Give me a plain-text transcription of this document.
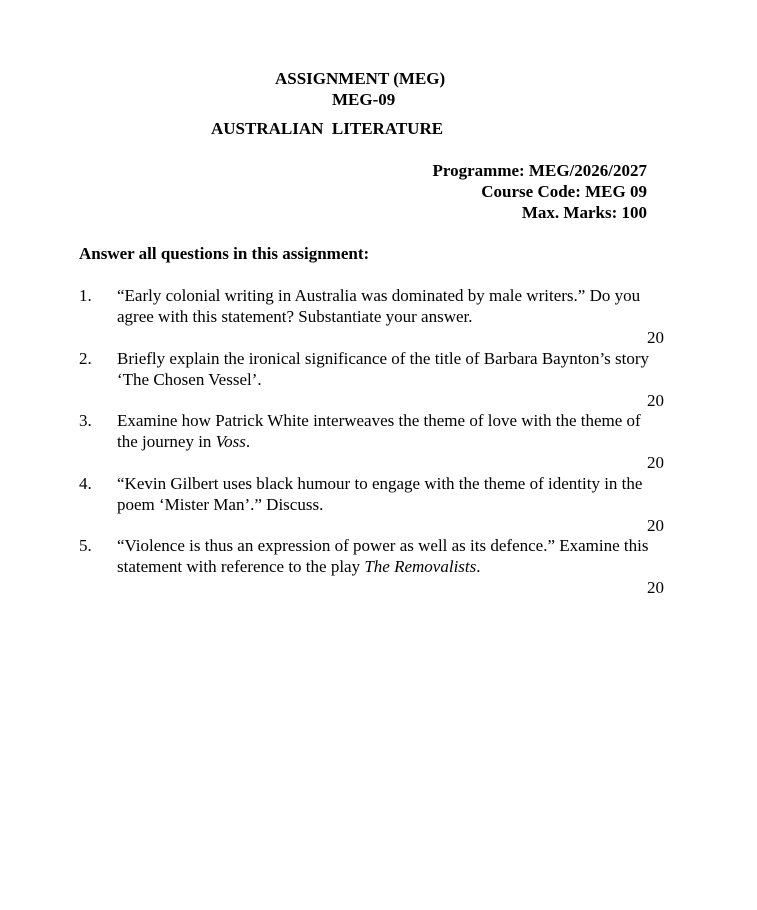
ASSIGNMENT (MEG)
MEG-09
AUSTRALIAN  LITERATURE
Programme: MEG/2026/2027
Course Code: MEG 09
Max. Marks: 100
Answer all questions in this assignment:
1. “Early colonial writing in Australia was dominated by male writers.” Do you agree with this statement? Substantiate your answer.
20
2. Briefly explain the ironical significance of the title of Barbara Baynton’s story ‘The Chosen Vessel’.
20
3. Examine how Patrick White interweaves the theme of love with the theme of the journey in Voss.
20
4. “Kevin Gilbert uses black humour to engage with the theme of identity in the poem ‘Mister Man’.” Discuss.
20
5. “Violence is thus an expression of power as well as its defence.” Examine this statement with reference to the play The Removalists.
20
